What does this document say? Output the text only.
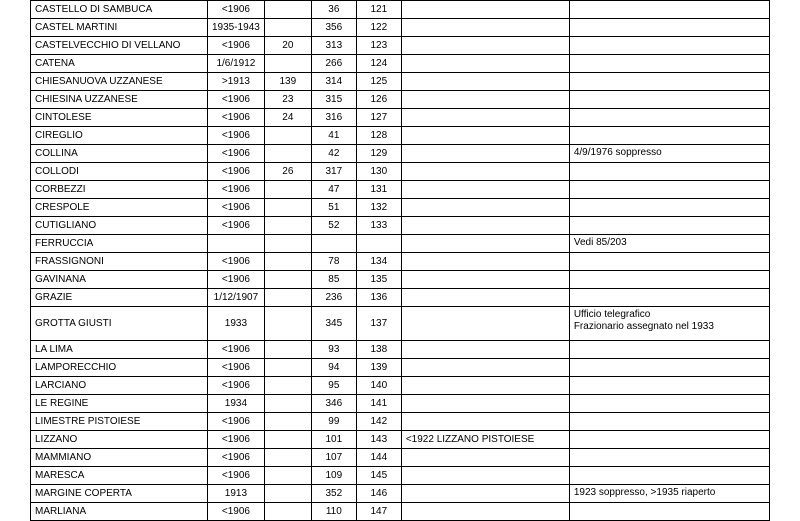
CASTELLO DI SAMBUCA	<1906		36	121		
CASTEL MARTINI	1935-1943		356	122		
CASTELVECCHIO DI VELLANO	<1906	20	313	123		
CATENA	1/6/1912		266	124		
CHIESANUOVA UZZANESE	>1913	139	314	125		
CHIESINA UZZANESE	<1906	23	315	126		
CINTOLESE	<1906	24	316	127		
CIREGLIO	<1906		41	128		
COLLINA	<1906		42	129		4/9/1976 soppresso

COLLODI	<1906	26	317	130		
CORBEZZI	<1906		47	131		
CRESPOLE	<1906		51	132		
CUTIGLIANO	<1906		52	133		
FERRUCCIA						Vedi 85/203

FRASSIGNONI	<1906		78	134		
GAVINANA	<1906		85	135		
GRAZIE	1/12/1907		236	136		
GROTTA GIUSTI	1933		345	137		Ufficio telegrafico
Frazionario assegnato nel 1933

LA LIMA	<1906		93	138		
LAMPORECCHIO	<1906		94	139		
LARCIANO	<1906		95	140		
LE REGINE	1934		346	141		
LIMESTRE PISTOIESE	<1906		99	142		
LIZZANO	<1906		101	143	<1922 LIZZANO PISTOIESE	
MAMMIANO	<1906		107	144		
MARESCA	<1906		109	145		
MARGINE COPERTA	1913		352	146		1923 soppresso, >1935 riaperto

MARLIANA	<1906		110	147		
